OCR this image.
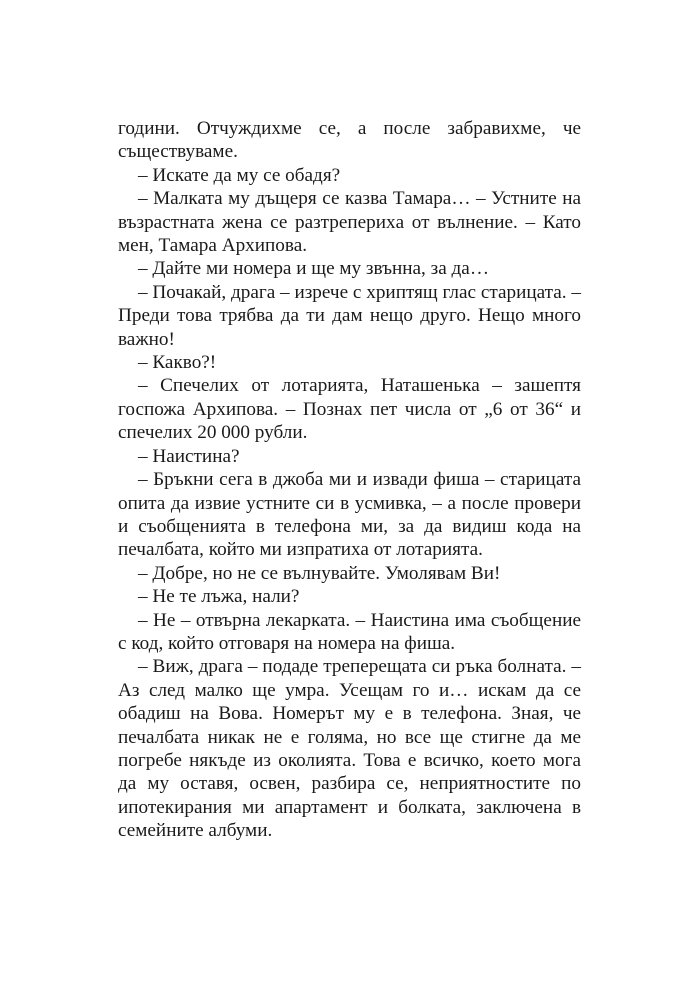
години. Отчуждихме се, а после забравихме, че съществуваме.

– Искате да му се обадя?

– Малката му дъщеря се казва Тамара… – Устните на възрастната жена се разтреперихa от вълнение. – Като мен, Тамара Архипова.

– Дайте ми номера и ще му звънна, за да…

– Почакай, драга – изрече с хриптящ глас старицата. – Преди това трябва да ти дам нещо друго. Нещо много важно!

– Какво?!

– Спечелих от лотарията, Наташенька – зашептя госпожа Архипова. – Познах пет числа от „6 от 36“ и спечелих 20 000 рубли.

– Наистина?

– Бръкни сега в джоба ми и извади фиша – старицата опита да извие устните си в усмивка, – а после провери и съобщенията в телефона ми, за да видиш кода на печалбата, който ми изпратиха от лотарията.

– Добре, но не се вълнувайте. Умолявам Ви!

– Не те лъжа, нали?

– Не – отвърна лекарката. – Наистина има съобщение с код, който отговаря на номера на фиша.

– Виж, драга – подаде треперещата си ръка болната. – Аз след малко ще умра. Усещам го и… искам да се обадиш на Вова. Номерът му е в телефона. Зная, че печалбата никак не е голяма, но все ще стигне да ме погребе някъде из околията. Това е всичко, което мога да му оставя, освен, разбира се, неприятностите по ипотекирания ми апартамент и болката, заключена в семейните албуми.
